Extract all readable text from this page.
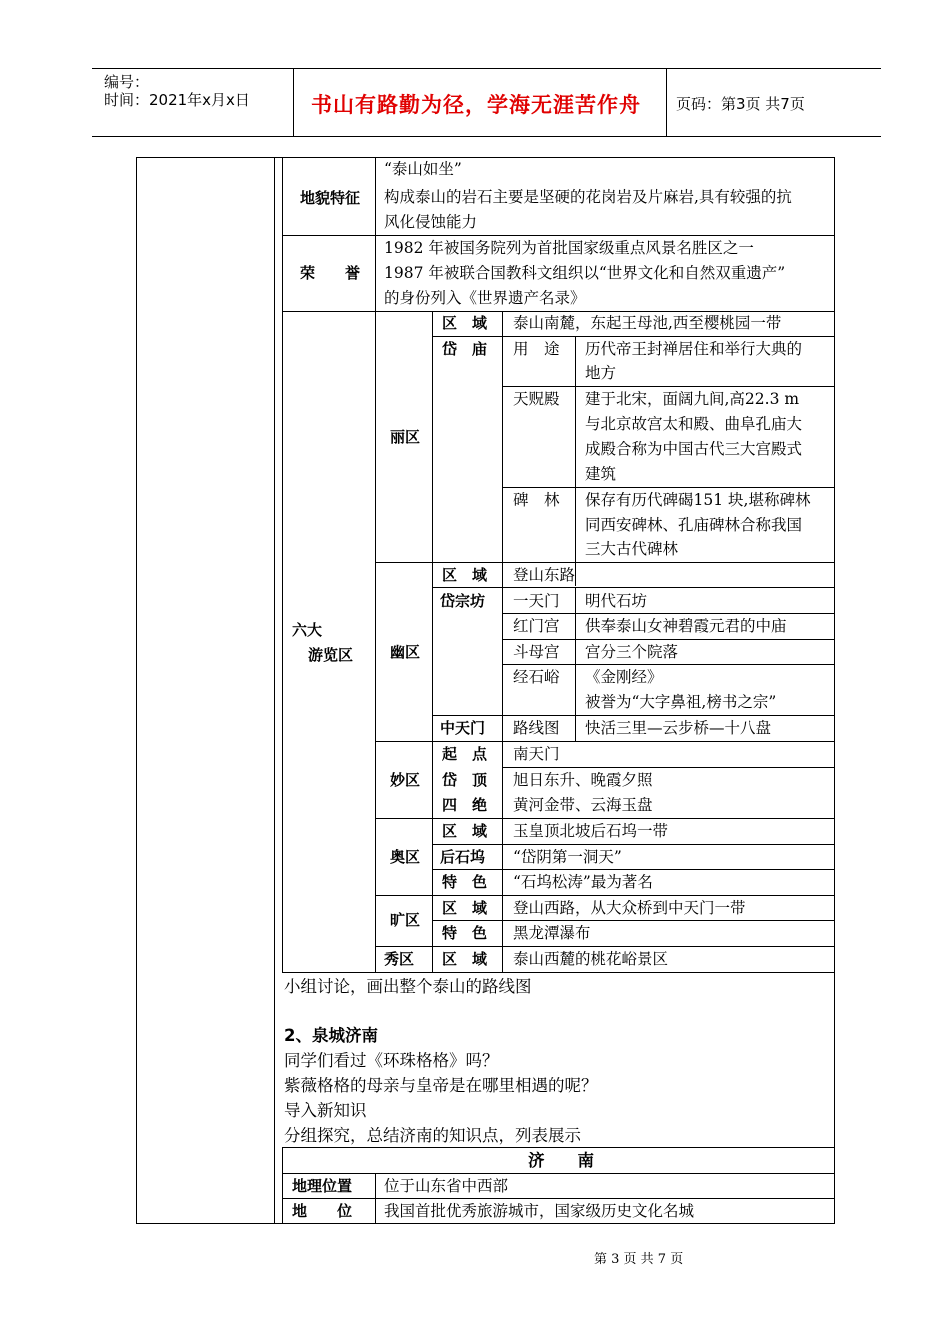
编号：
时间：2021年x月x日	书山有路勤为径，学海无涯苦作舟 页码：第3页 共7页
地貌特征
“泰山如坐”
构成泰山的岩石主要是坚硬的花岗岩及片麻岩,具有较强的抗
风化侵蚀能力
荣　　誉
1982 年被国务院列为首批国家级重点风景名胜区之一
1987 年被联合国教科文组织以“世界文化和自然双重遗产”
的身份列入《世界遗产名录》
六大
游览区
丽区
区　域 泰山南麓，东起王母池,西至樱桃园一带
岱　庙 用　途 历代帝王封禅居住和举行大典的
地方
天贶殿 建于北宋，面阔九间,高22.3 m
与北京故宫太和殿、曲阜孔庙大
成殿合称为中国古代三大宫殿式
建筑
碑　林 保存有历代碑碣151 块,堪称碑林
同西安碑林、孔庙碑林合称我国
三大古代碑林
幽区
区　域 登山东路
岱宗坊 一天门 明代石坊
红门宫 供奉泰山女神碧霞元君的中庙
斗母宫 宫分三个院落
经石峪 《金刚经》
被誉为“大字鼻祖,榜书之宗”
中天门 路线图 快活三里—云步桥—十八盘
妙区
起　点 南天门
岱　顶 旭日东升、晚霞夕照
四　绝 黄河金带、云海玉盘
奥区
区　域 玉皇顶北坡后石坞一带
后石坞 “岱阴第一洞天”
特　色 “石坞松涛”最为著名
旷区
区　域 登山西路，从大众桥到中天门一带
特　色 黑龙潭瀑布
秀区 区　域 泰山西麓的桃花峪景区
小组讨论，画出整个泰山的路线图
2、泉城济南
同学们看过《环珠格格》吗？
紫薇格格的母亲与皇帝是在哪里相遇的呢？
导入新知识
分组探究，总结济南的知识点，列表展示
济　　南
地理位置 位于山东省中西部
地　　位 我国首批优秀旅游城市，国家级历史文化名城
第 3 页 共 7 页
